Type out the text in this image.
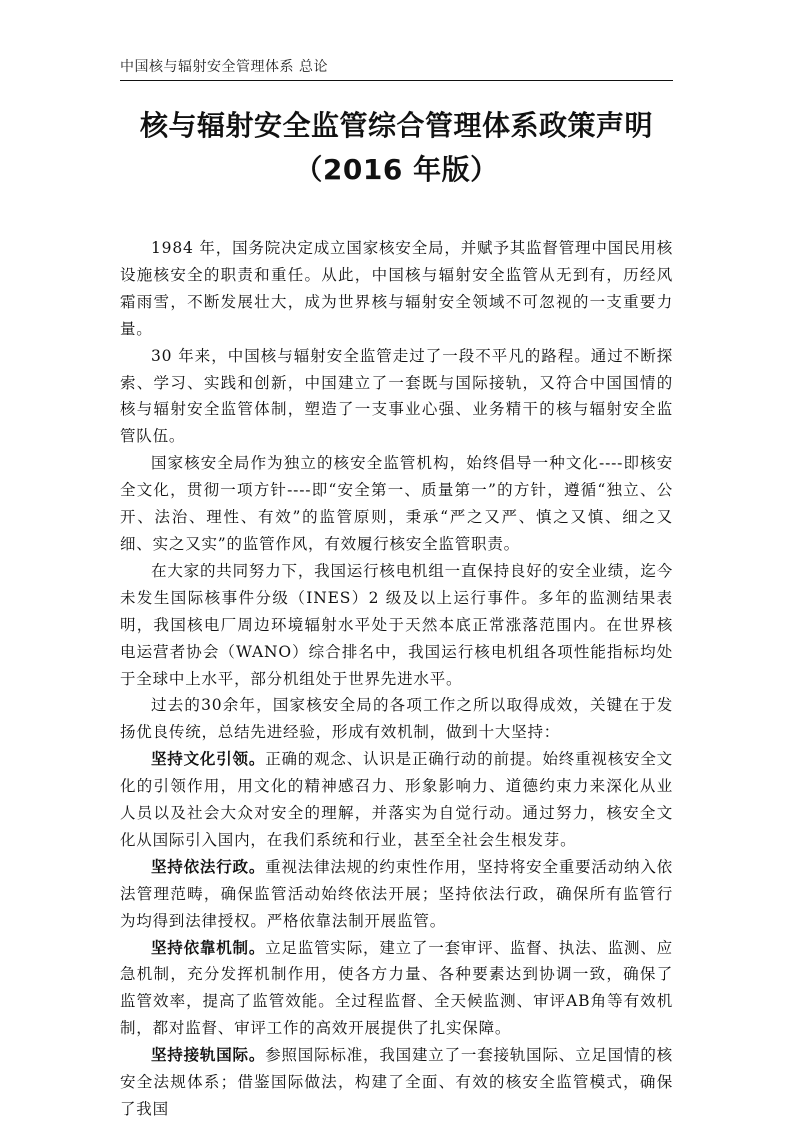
中国核与辐射安全管理体系 总论
核与辐射安全监管综合管理体系政策声明
（2016 年版）

1984 年，国务院决定成立国家核安全局，并赋予其监督管理中国民用核设施核安全的职责和重任。从此，中国核与辐射安全监管从无到有，历经风霜雨雪，不断发展壮大，成为世界核与辐射安全领域不可忽视的一支重要力量。

30 年来，中国核与辐射安全监管走过了一段不平凡的路程。通过不断探索、学习、实践和创新，中国建立了一套既与国际接轨，又符合中国国情的核与辐射安全监管体制，塑造了一支事业心强、业务精干的核与辐射安全监管队伍。

国家核安全局作为独立的核安全监管机构，始终倡导一种文化----即核安全文化，贯彻一项方针----即“安全第一、质量第一”的方针，遵循“独立、公开、法治、理性、有效”的监管原则，秉承“严之又严、慎之又慎、细之又细、实之又实”的监管作风，有效履行核安全监管职责。

在大家的共同努力下，我国运行核电机组一直保持良好的安全业绩，迄今未发生国际核事件分级（INES）2 级及以上运行事件。多年的监测结果表明，我国核电厂周边环境辐射水平处于天然本底正常涨落范围内。在世界核电运营者协会（WANO）综合排名中，我国运行核电机组各项性能指标均处于全球中上水平，部分机组处于世界先进水平。

过去的30余年，国家核安全局的各项工作之所以取得成效，关键在于发扬优良传统，总结先进经验，形成有效机制，做到十大坚持：

坚持文化引领。正确的观念、认识是正确行动的前提。始终重视核安全文化的引领作用，用文化的精神感召力、形象影响力、道德约束力来深化从业人员以及社会大众对安全的理解，并落实为自觉行动。通过努力，核安全文化从国际引入国内，在我们系统和行业，甚至全社会生根发芽。

坚持依法行政。重视法律法规的约束性作用，坚持将安全重要活动纳入依法管理范畴，确保监管活动始终依法开展；坚持依法行政，确保所有监管行为均得到法律授权。严格依靠法制开展监管。

坚持依靠机制。立足监管实际，建立了一套审评、监督、执法、监测、应急机制，充分发挥机制作用，使各方力量、各种要素达到协调一致，确保了监管效率，提高了监管效能。全过程监督、全天候监测、审评AB角等有效机制，都对监督、审评工作的高效开展提供了扎实保障。

坚持接轨国际。参照国际标准，我国建立了一套接轨国际、立足国情的核安全法规体系；借鉴国际做法，构建了全面、有效的核安全监管模式，确保了我国
